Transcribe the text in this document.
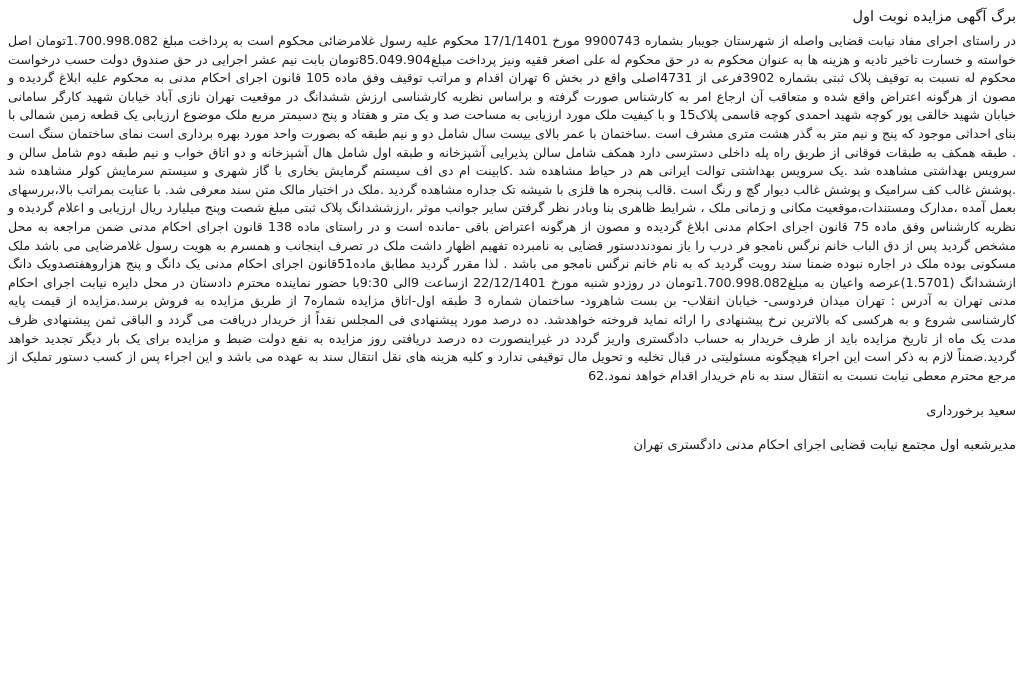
برگ آگهی مزایده نوبت اول

در راستای اجرای مفاد نیابت قضایی واصله از شهرستان جویبار بشماره 9900743 مورخ 17/1/1401 محکوم علیه رسول غلامرضائی محکوم است به پرداخت مبلغ 1.700.998.082تومان اصل خواسته و خسارت تاخیر تادیه و هزینه ها به عنوان محکوم به در حق محکوم له علی اصغر فقیه ونیز پرداخت مبلغ85.049.904تومان بابت نیم عشر اجرایی در حق صندوق دولت حسب درخواست محکوم له نسبت به توقیف پلاک ثبتی بشماره 3902فرعی از 4731اصلی واقع در بخش 6 تهران اقدام و مراتب توقیف وفق ماده 105 قانون اجرای احکام مدنی به محکوم علیه ابلاغ گردیده و مصون از هرگونه اعتراض واقع شده و متعاقب آن ارجاع امر به کارشناس صورت گرفته و براساس نظریه کارشناسی ارزش ششدانگ در موقعیت تهران نازی آباد خیابان شهید کارگر سامانی خیابان شهید خالقی پور کوچه شهید احمدی کوچه قاسمی پلاک15 و با کیفیت ملک مورد ارزیابی به مساحت صد و یک متر و هفتاد و پنج دسیمتر مربع ملک موضوع ارزیابی یک قطعه زمین شمالی با بنای احداثی موجود که پنج و نیم متر به گذر هشت متری مشرف است .ساختمان با عمر بالای بیست سال شامل دو و نیم طبقه که بصورت واحد مورد بهره برداری است نمای ساختمان سنگ است . طبقه همکف به طبقات فوقانی از طریق راه پله داخلی دسترسی دارد همکف شامل سالن پذیرایی آشپزخانه و طبقه اول شامل هال آشپزخانه و دو اتاق خواب و نیم طبقه دوم شامل سالن و سرویس بهداشتی مشاهده شد .یک سرویس بهداشتی توالت ایرانی هم در حیاط مشاهده شد .کابینت ام دی اف سیستم گرمایش بخاری با گاز شهری و سیستم سرمایش کولر مشاهده شد .پوشش غالب کف سرامیک و پوشش غالب دیوار گچ و رنگ است .قالب پنجره ها فلزی با شیشه تک جداره مشاهده گردید .ملک در اختیار مالک متن سند معرفی شد. با عنایت بمراتب بالا،بررسهای بعمل آمده ،مدارک ومستندات،موقعیت مکانی و زمانی ملک ، شرایط ظاهری بنا وبادر نظر گرفتن سایر جوانب موثر ،ارزششدانگ پلاک ثبتی مبلغ شصت وپنج میلیارد ریال ارزیابی و اعلام گردیده و نظریه کارشناس وفق ماده 75 قانون اجرای احکام مدنی ابلاغ گردیده و مصون از هرگونه اعتراض باقی -مانده است و در راستای ماده 138 قانون اجرای احکام مدنی ضمن مراجعه به محل مشخص گردید پس از دق الباب خانم نرگس نامجو فر درب را باز نمودنددستور قضایی به نامبرده تفهیم اظهار داشت ملک در تصرف اینجانب و همسرم به هویت رسول غلامرضایی می باشد ملک مسکونی بوده ملک در اجاره نبوده ضمنا سند رویت گردید که به نام خانم نرگس نامجو می باشد . لذا مقرر گردید مطابق ماده51قانون اجرای احکام مدنی یک دانگ و پنج هزاروهفتصدویک دانگ ازششدانگ (1.5701)عرصه واعیان به مبلغ1.700.998.082تومان در روزدو شنبه مورخ 22/12/1401 ازساعت 9الی 9:30با حضور نماینده محترم دادستان در محل دایره نیابت اجرای احکام مدنی تهران به آدرس : تهران میدان فردوسی- خیابان انقلاب- بن بست شاهرود- ساختمان شماره 3 طبقه اول-اتاق مزایده شماره7 از طریق مزایده به فروش برسد.مزایده از قیمت پایه کارشناسی شروع و به هرکسی که بالاترین نرخ پیشنهادی را ارائه نماید فروخته خواهدشد. ده درصد مورد پیشنهادی فی المجلس نقداً از خریدار دریافت می گردد و الباقی ثمن پیشنهادی ظرف مدت یک ماه از تاریخ مزایده باید از طرف خریدار به حساب دادگستری واریز گردد در غیراینصورت ده درصد دریافتی روز مزایده به نفع دولت ضبط و مزایده برای یک بار دیگر تجدید خواهد گردید.ضمناً لازم به ذکر است این اجراء هیچگونه مسئولیتی در قبال تخلیه و تحویل مال توقیفی ندارد و کلیه هزینه های نقل انتقال سند به عهده می باشد و این اجراء پس از کسب دستور تملیک از مرجع محترم معطی نیابت نسبت به انتقال سند به نام خریدار اقدام خواهد نمود.62

سعید برخورداری
مدیرشعبه اول مجتمع نیابت قضایی اجرای احکام مدنی دادگستری تهران
